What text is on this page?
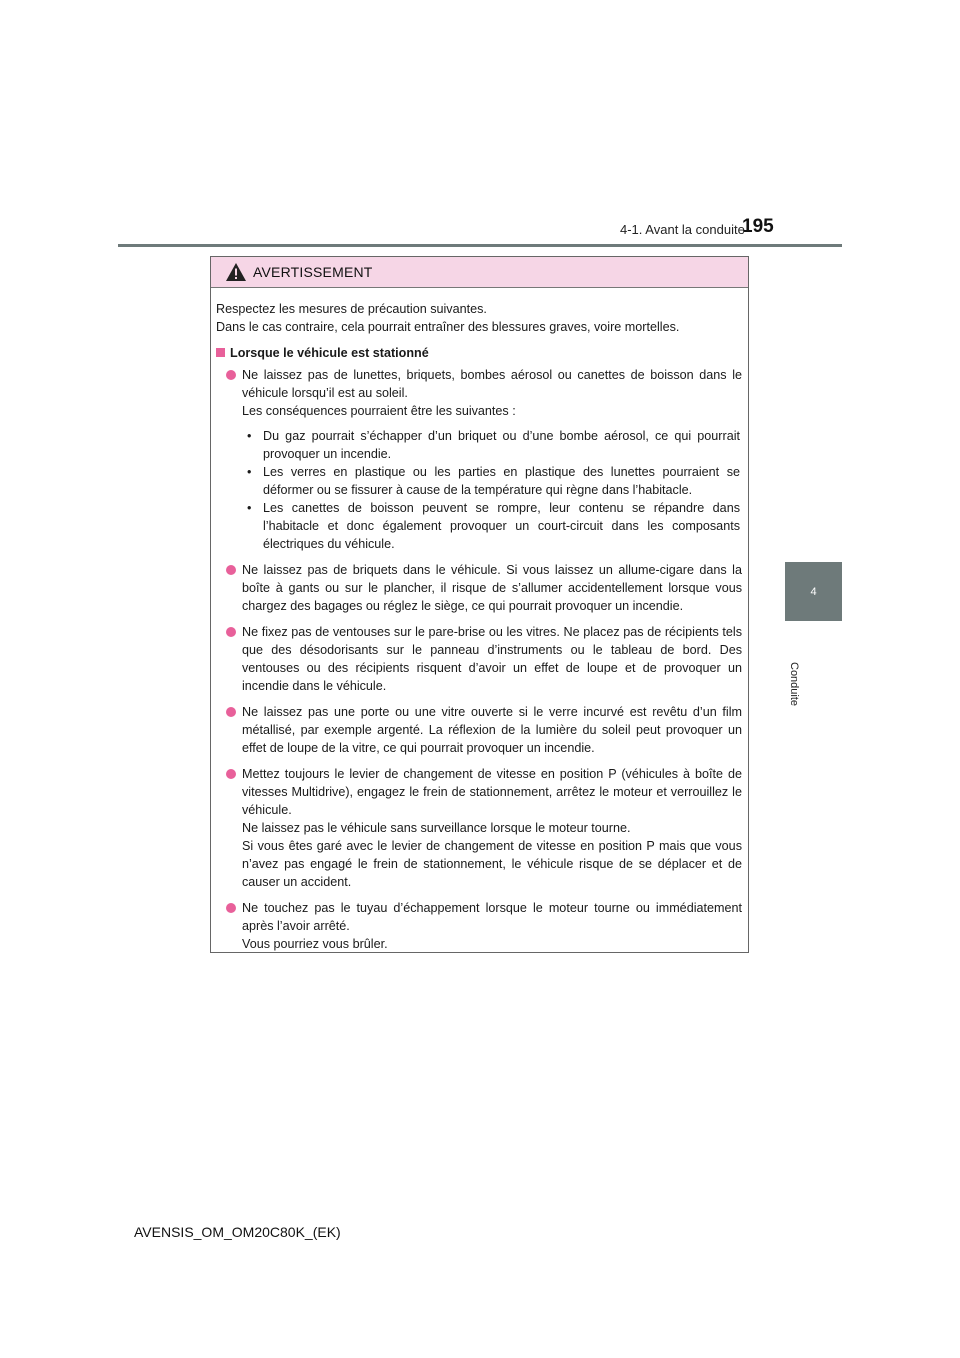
4-1. Avant la conduite
195
4
Conduite
AVERTISSEMENT

Respectez les mesures de précaution suivantes.

Dans le cas contraire, cela pourrait entraîner des blessures graves, voire mortelles.

Lorsque le véhicule est stationné

Ne laissez pas de lunettes, briquets, bombes aérosol ou canettes de boisson dans le véhicule lorsqu’il est au soleil.

Les conséquences pourraient être les suivantes :

• Du gaz pourrait s’échapper d’un briquet ou d’une bombe aérosol, ce qui pourrait provoquer un incendie.
• Les verres en plastique ou les parties en plastique des lunettes pourraient se déformer ou se fissurer à cause de la température qui règne dans l’habitacle.
• Les canettes de boisson peuvent se rompre, leur contenu se répandre dans l’habitacle et donc également provoquer un court-circuit dans les composants électriques du véhicule.

Ne laissez pas de briquets dans le véhicule. Si vous laissez un allume-cigare dans la boîte à gants ou sur le plancher, il risque de s’allumer accidentellement lorsque vous chargez des bagages ou réglez le siège, ce qui pourrait provoquer un incendie.

Ne fixez pas de ventouses sur le pare-brise ou les vitres. Ne placez pas de récipients tels que des désodorisants sur le panneau d’instruments ou le tableau de bord. Des ventouses ou des récipients risquent d’avoir un effet de loupe et de provoquer un incendie dans le véhicule.

Ne laissez pas une porte ou une vitre ouverte si le verre incurvé est revêtu d’un film métallisé, par exemple argenté. La réflexion de la lumière du soleil peut provoquer un effet de loupe de la vitre, ce qui pourrait provoquer un incendie.

Mettez toujours le levier de changement de vitesse en position P (véhicules à boîte de vitesses Multidrive), engagez le frein de stationnement, arrêtez le moteur et verrouillez le véhicule.

Ne laissez pas le véhicule sans surveillance lorsque le moteur tourne.

Si vous êtes garé avec le levier de changement de vitesse en position P mais que vous n’avez pas engagé le frein de stationnement, le véhicule risque de se déplacer et de causer un accident.

Ne touchez pas le tuyau d’échappement lorsque le moteur tourne ou immédiatement après l’avoir arrêté.

Vous pourriez vous brûler.

AVENSIS_OM_OM20C80K_(EK)
